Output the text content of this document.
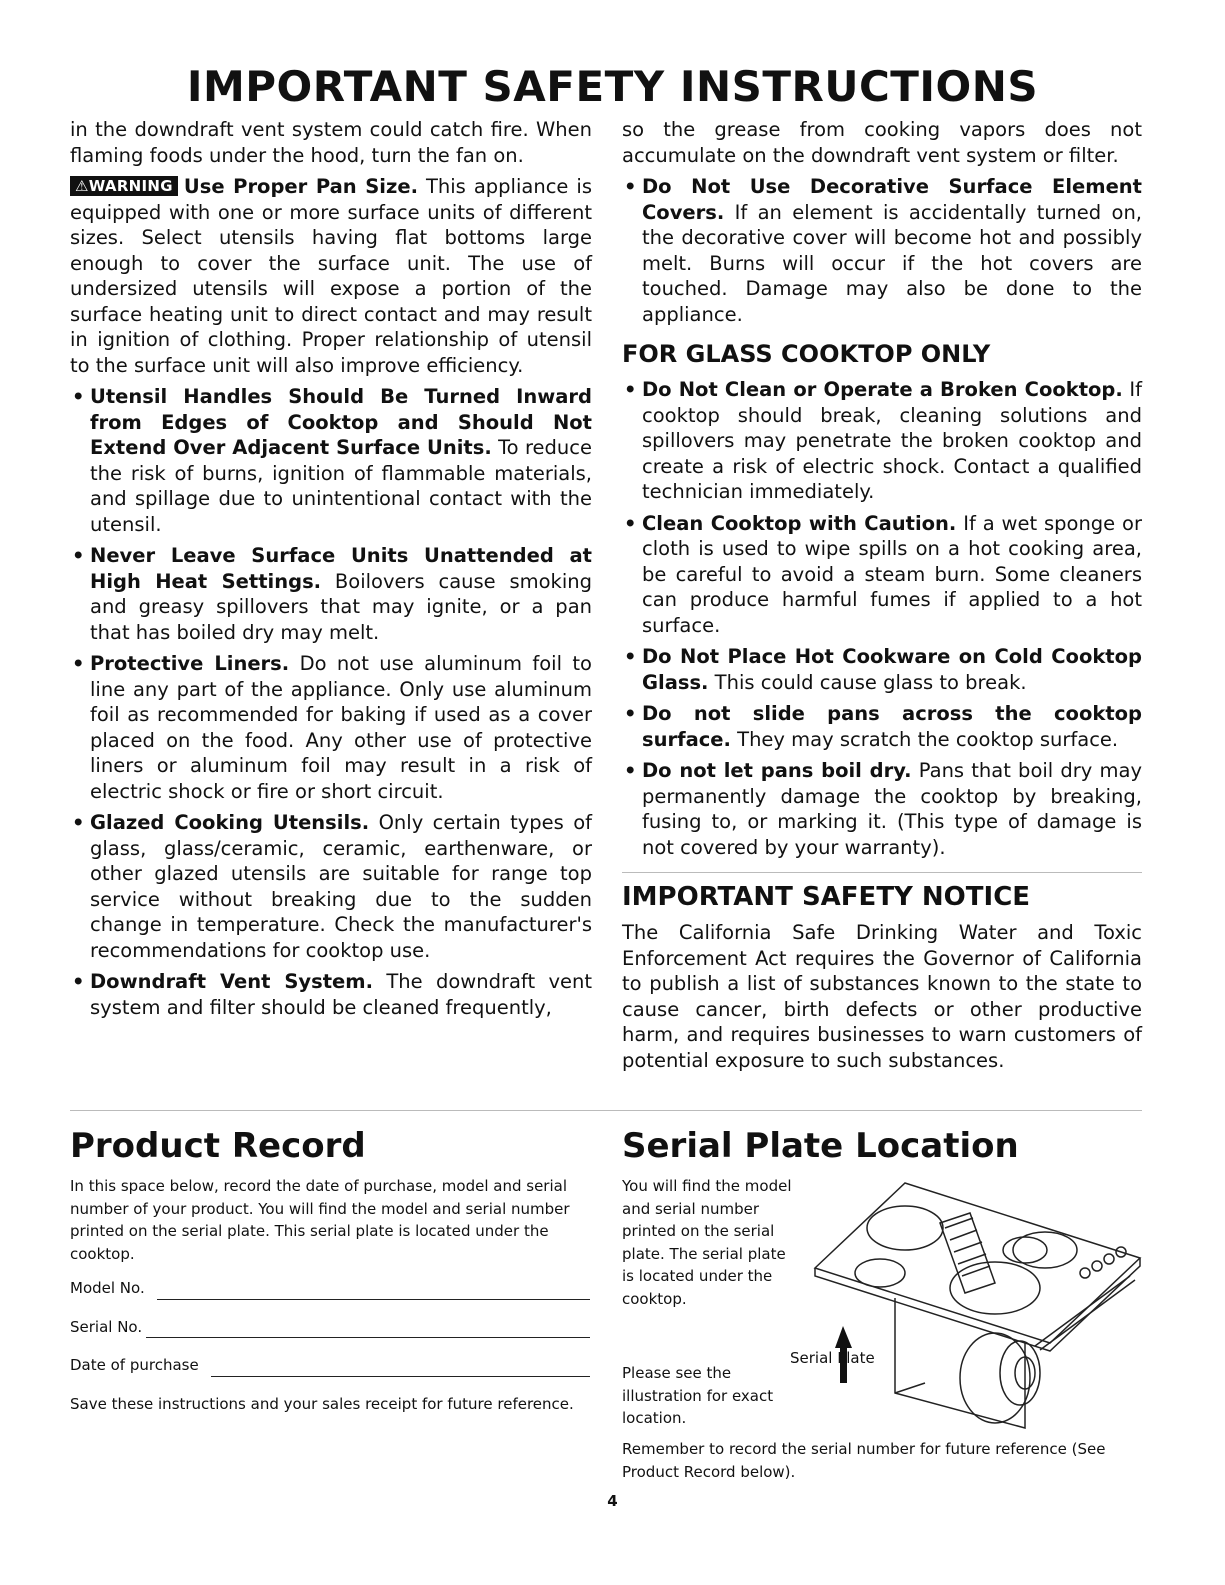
IMPORTANT SAFETY INSTRUCTIONS

in the downdraft vent system could catch fire. When flaming foods under the hood, turn the fan on.

⚠WARNING Use Proper Pan Size. This appliance is equipped with one or more surface units of different sizes. Select utensils having flat bottoms large enough to cover the surface unit. The use of undersized utensils will expose a portion of the surface heating unit to direct contact and may result in ignition of clothing. Proper relationship of utensil to the surface unit will also improve efficiency.

• Utensil Handles Should Be Turned Inward from Edges of Cooktop and Should Not Extend Over Adjacent Surface Units. To reduce the risk of burns, ignition of flammable materials, and spillage due to unintentional contact with the utensil.
• Never Leave Surface Units Unattended at High Heat Settings. Boilovers cause smoking and greasy spillovers that may ignite, or a pan that has boiled dry may melt.
• Protective Liners. Do not use aluminum foil to line any part of the appliance. Only use aluminum foil as recommended for baking if used as a cover placed on the food. Any other use of protective liners or aluminum foil may result in a risk of electric shock or fire or short circuit.
• Glazed Cooking Utensils. Only certain types of glass, glass/ceramic, ceramic, earthenware, or other glazed utensils are suitable for range top service without breaking due to the sudden change in temperature. Check the manufacturer's recommendations for cooktop use.
• Downdraft Vent System. The downdraft vent system and filter should be cleaned frequently,

so the grease from cooking vapors does not accumulate on the downdraft vent system or filter.

• Do Not Use Decorative Surface Element Covers. If an element is accidentally turned on, the decorative cover will become hot and possibly melt. Burns will occur if the hot covers are touched. Damage may also be done to the appliance.
FOR GLASS COOKTOP ONLY
• Do Not Clean or Operate a Broken Cooktop. If cooktop should break, cleaning solutions and spillovers may penetrate the broken cooktop and create a risk of electric shock. Contact a qualified technician immediately.
• Clean Cooktop with Caution. If a wet sponge or cloth is used to wipe spills on a hot cooking area, be careful to avoid a steam burn. Some cleaners can produce harmful fumes if applied to a hot surface.
• Do Not Place Hot Cookware on Cold Cooktop Glass. This could cause glass to break.
• Do not slide pans across the cooktop surface. They may scratch the cooktop surface.
• Do not let pans boil dry. Pans that boil dry may permanently damage the cooktop by breaking, fusing to, or marking it. (This type of damage is not covered by your warranty).
IMPORTANT SAFETY NOTICE

The California Safe Drinking Water and Toxic Enforcement Act requires the Governor of California to publish a list of substances known to the state to cause cancer, birth defects or other productive harm, and requires businesses to warn customers of potential exposure to such substances.

Product Record

In this space below, record the date of purchase, model and serial number of your product. You will find the model and serial number printed on the serial plate. This serial plate is located under the cooktop.

Model No.
Serial No.
Date of purchase

Save these instructions and your sales receipt for future reference.

Serial Plate Location
You will find the model and serial number printed on the serial plate. The serial plate is located under the cooktop.
Please see the illustration for exact location.
Serial Plate
Remember to record the serial number for future reference (See Product Record below).
4
